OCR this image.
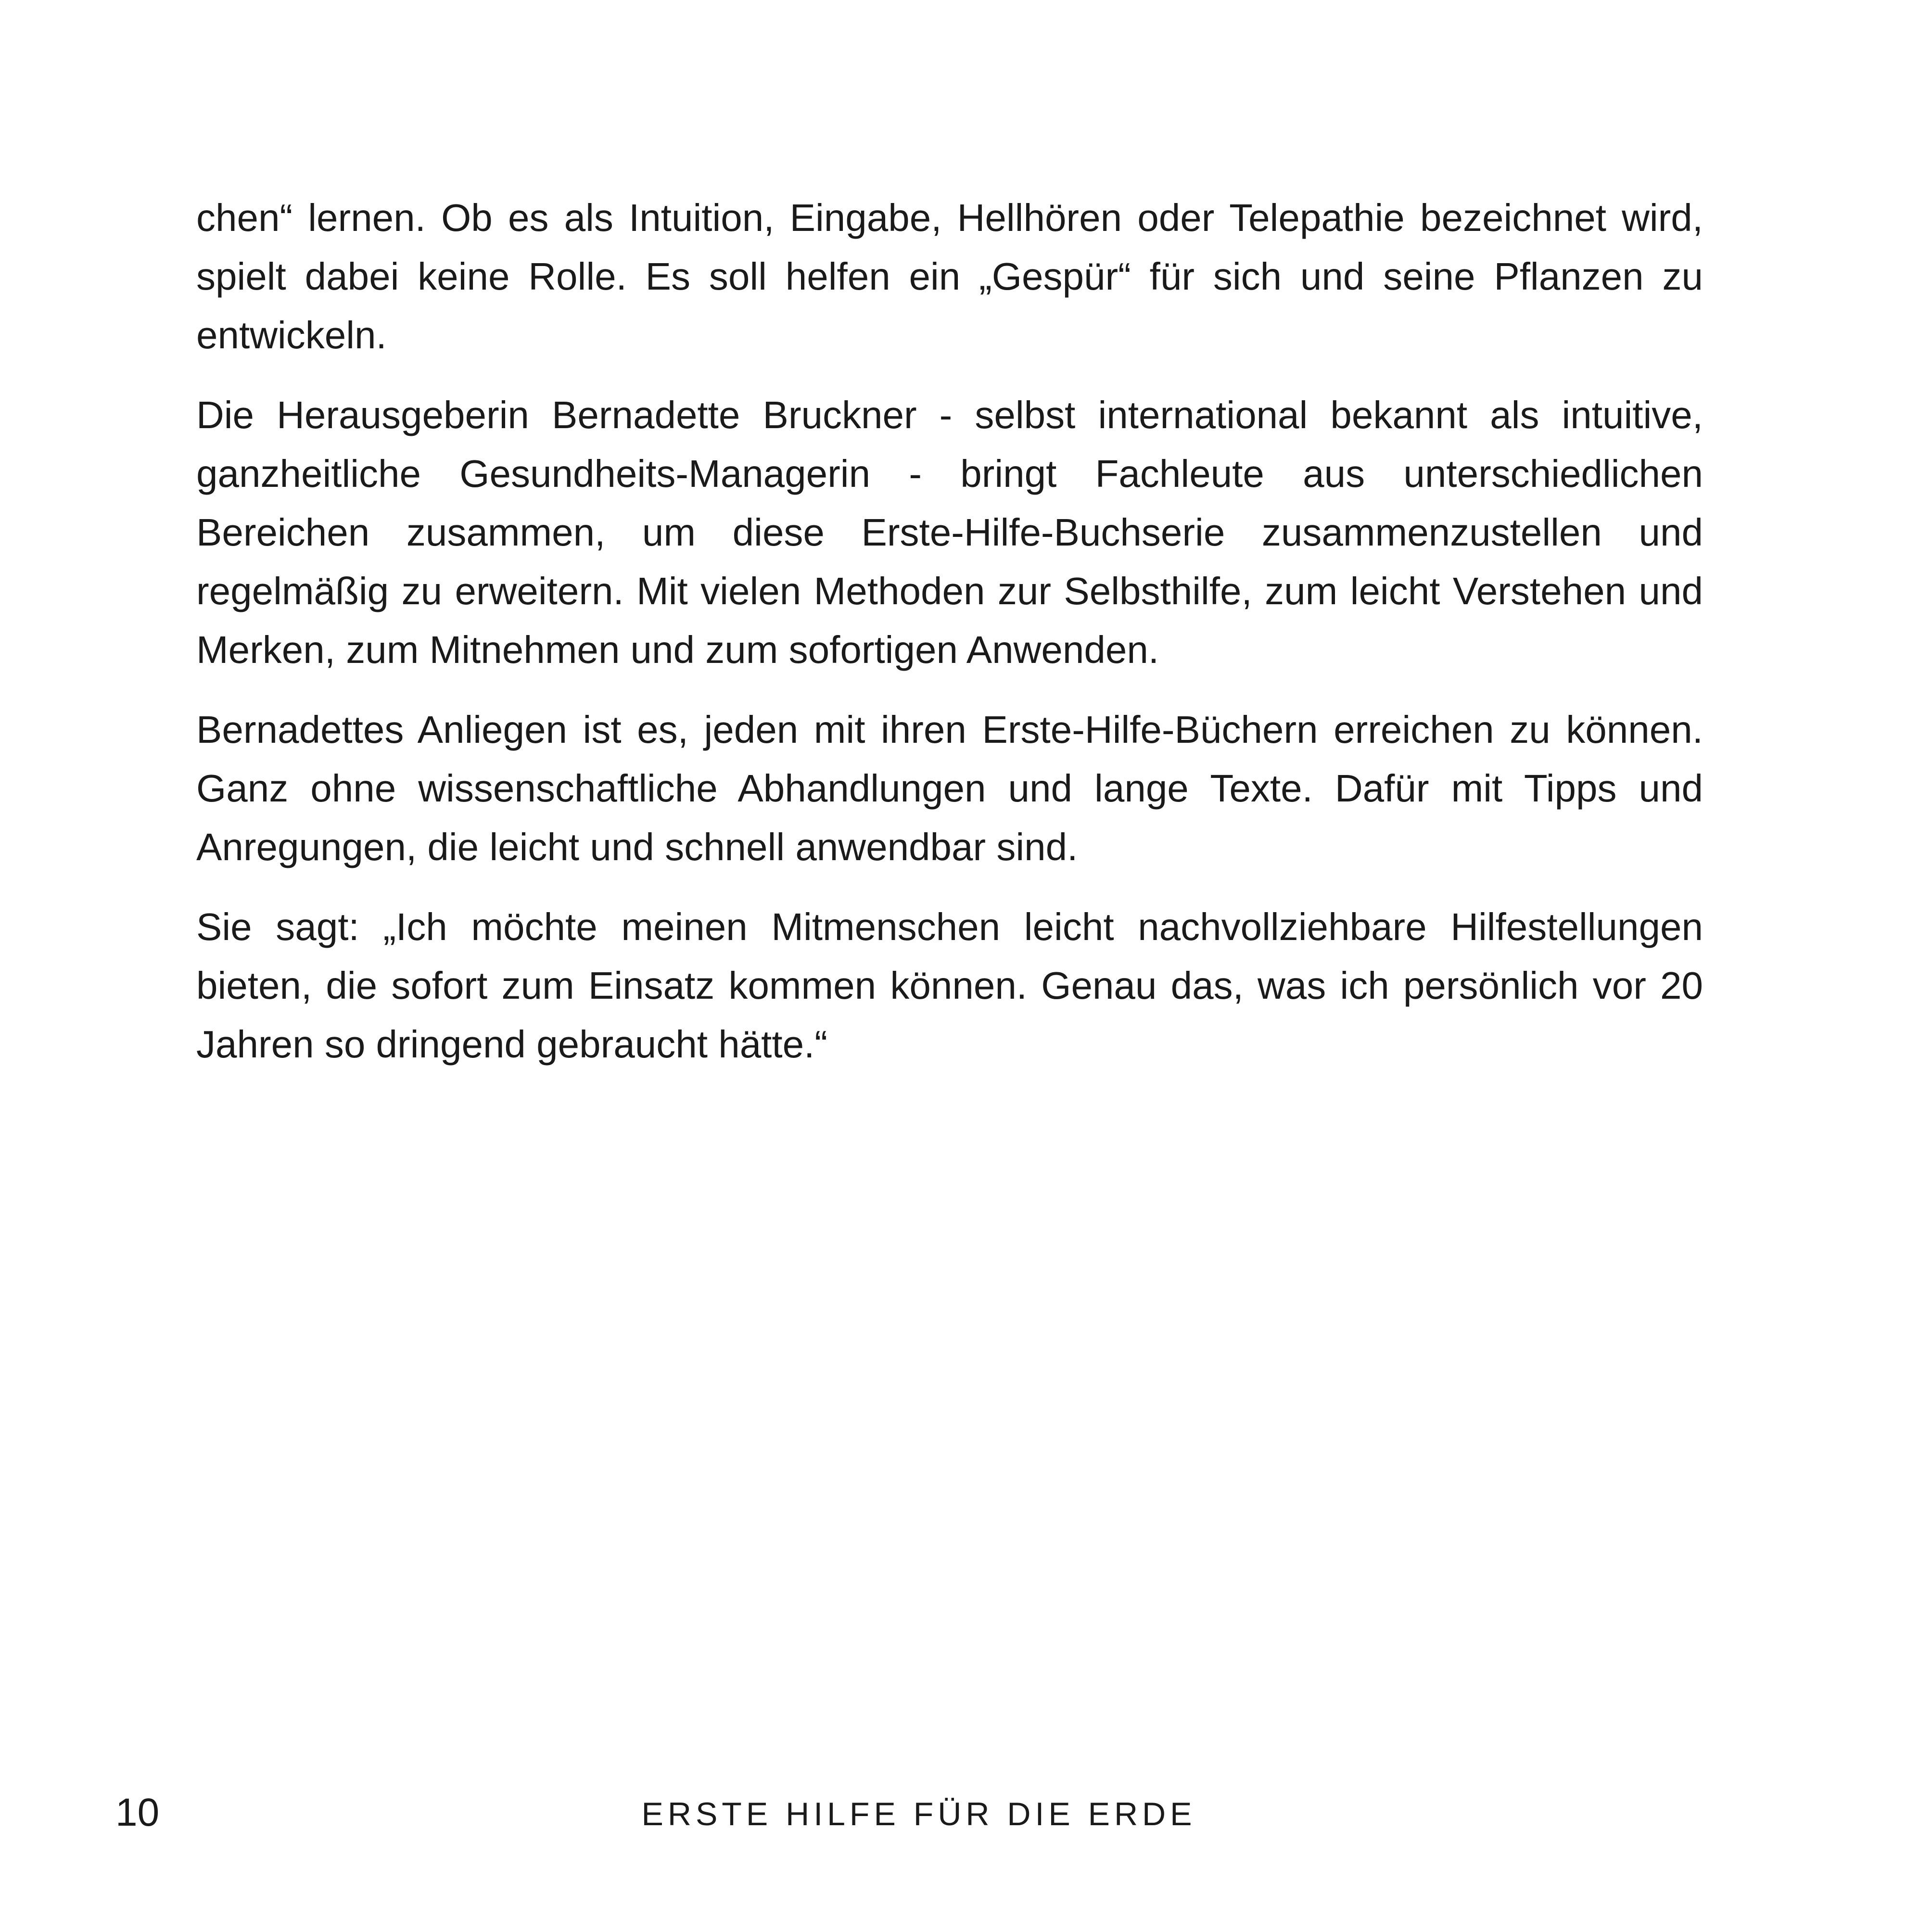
chen“ lernen. Ob es als Intuition, Eingabe, Hellhören oder Telepathie bezeichnet wird, spielt dabei keine Rolle. Es soll helfen ein „Gespür“ für sich und seine Pflanzen zu entwickeln.

Die Herausgeberin Bernadette Bruckner - selbst international bekannt als intuitive, ganzheitliche Gesundheits-Managerin - bringt Fachleute aus unterschiedlichen Bereichen zusammen, um diese Erste-Hilfe-Buchserie zusammenzustellen und regelmäßig zu erweitern. Mit vielen Methoden zur Selbsthilfe, zum leicht Verstehen und Merken, zum Mitnehmen und zum sofortigen Anwenden.

Bernadettes Anliegen ist es, jeden mit ihren Erste-Hilfe-Büchern erreichen zu können. Ganz ohne wissenschaftliche Abhandlungen und lange Texte. Dafür mit Tipps und Anregungen, die leicht und schnell anwendbar sind.

Sie sagt: „Ich möchte meinen Mitmenschen leicht nachvollziehbare Hilfestellungen bieten, die sofort zum Einsatz kommen können. Genau das, was ich persönlich vor 20 Jahren so dringend gebraucht hätte.“

10	ERSTE HILFE FÜR DIE ERDE
